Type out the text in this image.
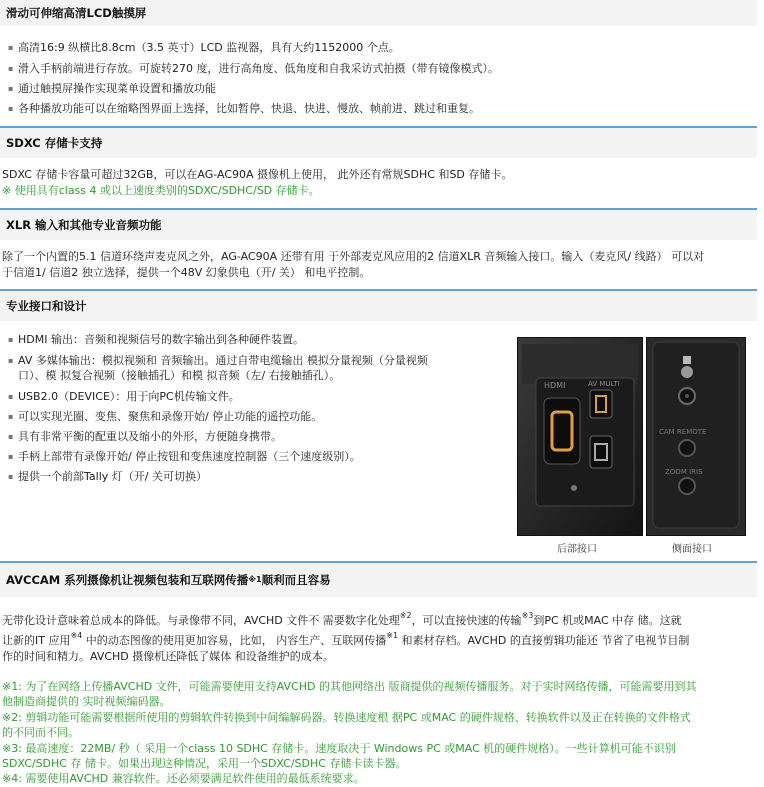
滑动可伸缩高清LCD触摸屏
▪ 高清16:9 纵横比8.8cm（3.5 英寸）LCD 监视器，具有大约1152000 个点。
▪ 滑入手柄前端进行存放。可旋转270 度，进行高角度、低角度和自我采访式拍摄（带有镜像模式）。
▪ 通过触摸屏操作实现菜单设置和播放功能
▪ 各种播放功能可以在缩略图界面上选择，比如暂停、快退、快进、慢放、帧前进、跳过和重复。
SDXC 存储卡支持
SDXC 存储卡容量可超过32GB，可以在AG-AC90A 摄像机上使用， 此外还有常规SDHC 和SD 存储卡。
※ 使用具有class 4 或以上速度类别的SDXC/SDHC/SD 存储卡。
XLR 输入和其他专业音频功能
除了一个内置的5.1 信道环绕声麦克风之外，AG-AC90A 还带有用 于外部麦克风应用的2 信道XLR 音频输入接口。输入（麦克风/ 线路） 可以对
于信道1/ 信道2 独立选择，提供一个48V 幻象供电（开/ 关） 和电平控制。
专业接口和设计
▪ HDMI 输出：音频和视频信号的数字输出到各种硬件装置。
▪ AV 多媒体输出：模拟视频和 音频输出。通过自带电缆输出 模拟分量视频（分量视频
口）、模 拟复合视频（接触插孔）和模 拟音频（左/ 右接触插孔）。
▪ USB2.0（DEVICE）：用于向PC机传输文件。
▪ 可以实现光圈、变焦、聚焦和录像开始/ 停止功能的遥控功能。
▪ 具有非常平衡的配重以及缩小的外形，方便随身携带。
▪ 手柄上部带有录像开始/ 停止按钮和变焦速度控制器（三个速度级别）。
▪ 提供一个前部Tally 灯（开/ 关可切换）
HDMI	AV MULTI
后部接口
CAM REMOTE
ZOOM IRIS
侧面接口
AVCCAM 系列摄像机让视频包装和互联网传播 ※1 顺利而且容易
无带化设计意味着总成本的降低。与录像带不同，AVCHD 文件不 需要数字化处理$^{※2}$，可以直接快速的传输$^{※3}$到PC 机或MAC 中存 储。这就
让新的IT 应用$^{※4}$ 中的动态图像的使用更加容易，比如， 内容生产、互联网传播$^{※1}$ 和素材存档。AVCHD 的直接剪辑功能还 节省了电视节目制
作的时间和精力。AVCHD 摄像机还降低了媒体 和设备维护的成本。
※1: 为了在网络上传播AVCHD 文件，可能需要使用支持AVCHD 的其他网络出 版商提供的视频传播服务。对于实时网络传播，可能需要用到其
他制造商提供的 实时视频编码器。
※2: 剪辑功能可能需要根据所使用的剪辑软件转换到中间编解码器。转换速度根 据PC 或MAC 的硬件规格、转换软件以及正在转换的文件格式
的不同而不同。
※3: 最高速度：22MB/ 秒（ 采用一个class 10 SDHC 存储卡。速度取决于 Windows PC 或MAC 机的硬件规格）。一些计算机可能不识别
SDXC/SDHC 存 储卡。如果出现这种情况，采用一个SDXC/SDHC 存储卡读卡器。
※4: 需要使用AVCHD 兼容软件。还必须要满足软件使用的最低系统要求。
